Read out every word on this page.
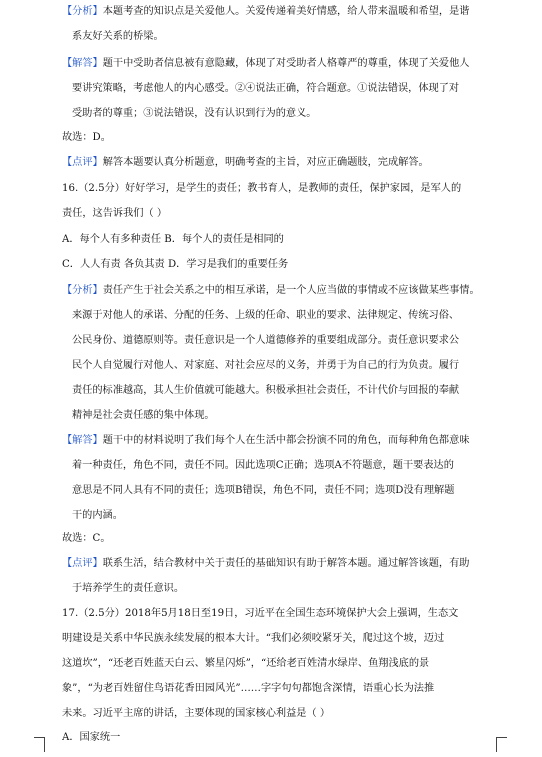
【分析】本题考查的知识点是关爱他人。关爱传递着美好情感，给人带来温暖和希望，是谐
系友好关系的桥梁。
【解答】题干中受助者信息被有意隐藏，体现了对受助者人格尊严的尊重，体现了关爱他人
要讲究策略，考虑他人的内心感受。②④说法正确，符合题意。①说法错误，体现了对
受助者的尊重；③说法错误，没有认识到行为的意义。
故选：D。
【点评】解答本题要认真分析题意，明确考查的主旨，对应正确题肢，完成解答。
16.（2.5分）好好学习，是学生的责任；教书育人，是教师的责任，保护家园，是军人的
责任，这告诉我们（ ）
A．每个人有多种责任 B．每个人的责任是相同的
C．人人有责 各负其责 D．学习是我们的重要任务
【分析】责任产生于社会关系之中的相互承诺，是一个人应当做的事情或不应该做某些事情。
来源于对他人的承诺、分配的任务、上级的任命、职业的要求、法律规定、传统习俗、
公民身份、道德原则等。责任意识是一个人道德修养的重要组成部分。责任意识要求公
民个人自觉履行对他人、对家庭、对社会应尽的义务，并勇于为自己的行为负责。履行
责任的标准越高，其人生价值就可能越大。积极承担社会责任，不计代价与回报的奉献
精神是社会责任感的集中体现。
【解答】题干中的材料说明了我们每个人在生活中都会扮演不同的角色，而每种角色都意味
着一种责任，角色不同，责任不同。因此选项C正确；选项A不符题意，题干要表达的
意思是不同人具有不同的责任；选项B错误，角色不同，责任不同；选项D没有理解题
干的内涵。
故选：C。
【点评】联系生活，结合教材中关于责任的基础知识有助于解答本题。通过解答该题，有助
于培养学生的责任意识。
17.（2.5分）2018年5月18日至19日，习近平在全国生态环境保护大会上强调，生态文
明建设是关系中华民族永续发展的根本大计。“我们必须咬紧牙关，爬过这个坡，迈过
这道坎”，“还老百姓蓝天白云、繁星闪烁”，“还给老百姓清水绿岸、鱼翔浅底的景
象”，“为老百姓留住鸟语花香田园风光”……字字句句都饱含深情，语重心长为法推
未来。习近平主席的讲话，主要体现的国家核心利益是（ ）
A．国家统一
